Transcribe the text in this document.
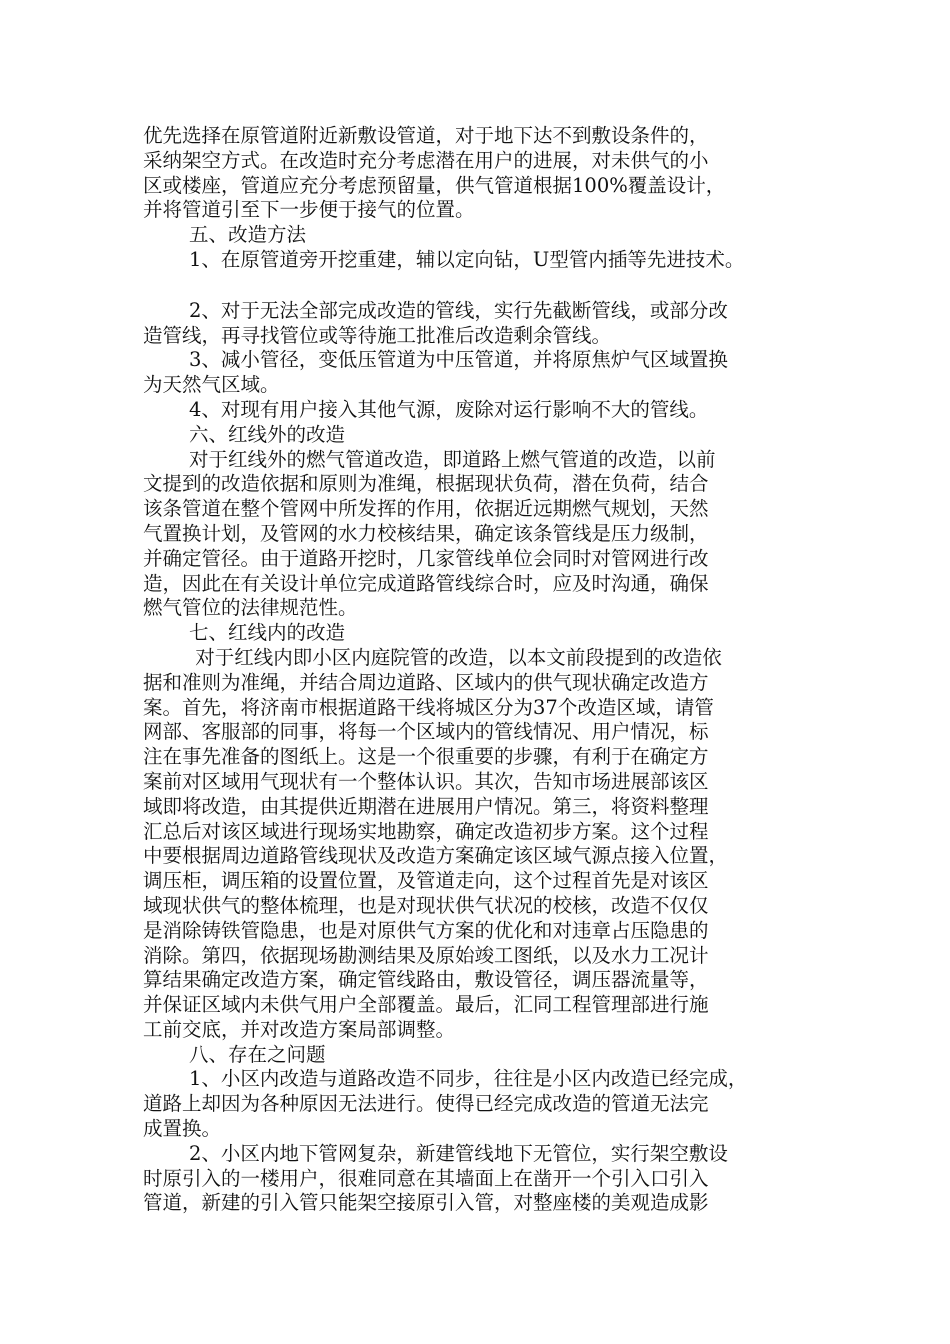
优先选择在原管道附近新敷设管道，对于地下达不到敷设条件的，
采纳架空方式。在改造时充分考虑潜在用户的进展，对未供气的小
区或楼座，管道应充分考虑预留量，供气管道根据100%覆盖设计，
并将管道引至下一步便于接气的位置。
五、改造方法
1、在原管道旁开挖重建，辅以定向钻，U型管内插等先进技术。
2、对于无法全部完成改造的管线，实行先截断管线，或部分改
造管线，再寻找管位或等待施工批准后改造剩余管线。
3、减小管径，变低压管道为中压管道，并将原焦炉气区域置换
为天然气区域。
4、对现有用户接入其他气源，废除对运行影响不大的管线。
六、红线外的改造
对于红线外的燃气管道改造，即道路上燃气管道的改造，以前
文提到的改造依据和原则为准绳，根据现状负荷，潜在负荷，结合
该条管道在整个管网中所发挥的作用，依据近远期燃气规划，天然
气置换计划，及管网的水力校核结果，确定该条管线是压力级制，
并确定管径。由于道路开挖时，几家管线单位会同时对管网进行改
造，因此在有关设计单位完成道路管线综合时，应及时沟通，确保
燃气管位的法律规范性。
七、红线内的改造
对于红线内即小区内庭院管的改造，以本文前段提到的改造依
据和准则为准绳，并结合周边道路、区域内的供气现状确定改造方
案。首先，将济南市根据道路干线将城区分为37个改造区域，请管
网部、客服部的同事，将每一个区域内的管线情况、用户情况，标
注在事先准备的图纸上。这是一个很重要的步骤，有利于在确定方
案前对区域用气现状有一个整体认识。其次，告知市场进展部该区
域即将改造，由其提供近期潜在进展用户情况。第三，将资料整理
汇总后对该区域进行现场实地勘察，确定改造初步方案。这个过程
中要根据周边道路管线现状及改造方案确定该区域气源点接入位置，
调压柜，调压箱的设置位置，及管道走向，这个过程首先是对该区
域现状供气的整体梳理，也是对现状供气状况的校核，改造不仅仅
是消除铸铁管隐患，也是对原供气方案的优化和对违章占压隐患的
消除。第四，依据现场勘测结果及原始竣工图纸，以及水力工况计
算结果确定改造方案，确定管线路由，敷设管径，调压器流量等，
并保证区域内未供气用户全部覆盖。最后，汇同工程管理部进行施
工前交底，并对改造方案局部调整。
八、存在之问题
1、小区内改造与道路改造不同步，往往是小区内改造已经完成，
道路上却因为各种原因无法进行。使得已经完成改造的管道无法完
成置换。
2、小区内地下管网复杂，新建管线地下无管位，实行架空敷设
时原引入的一楼用户，很难同意在其墙面上在凿开一个引入口引入
管道，新建的引入管只能架空接原引入管，对整座楼的美观造成影
